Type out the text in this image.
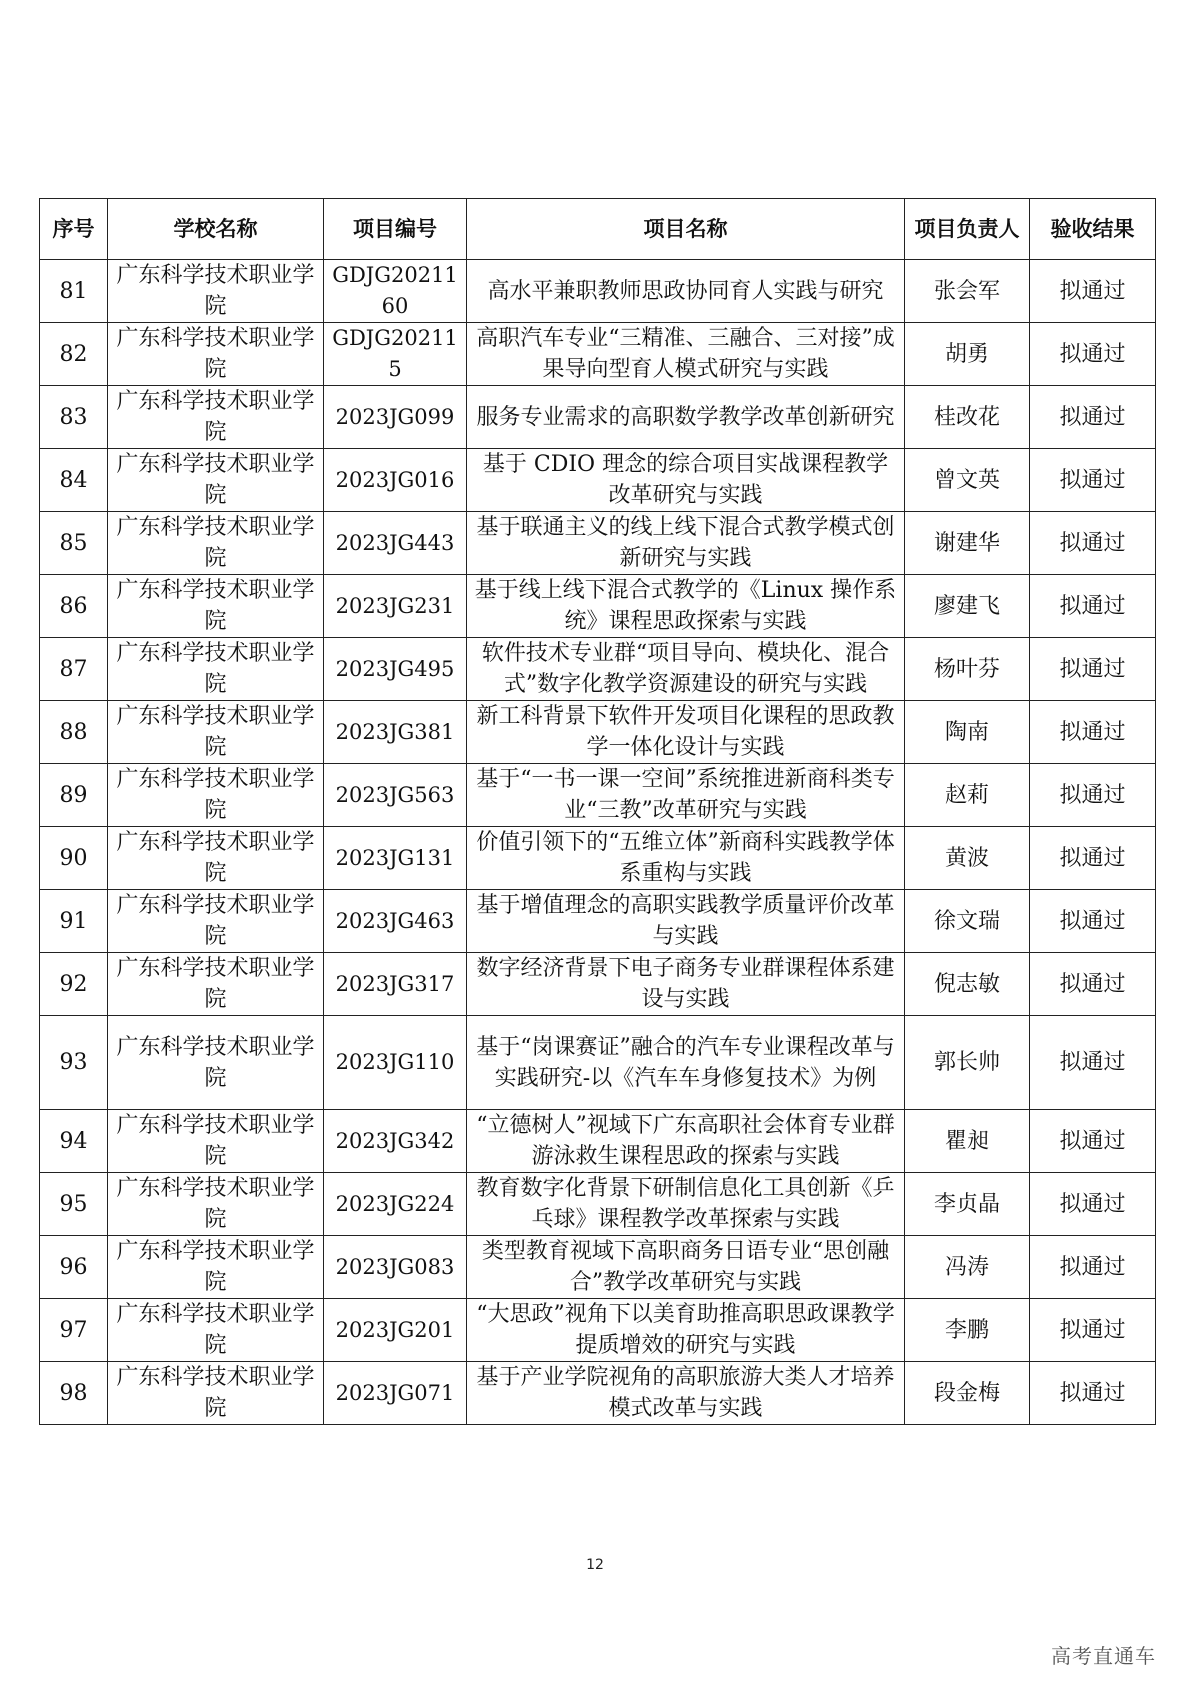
序号	学校名称	项目编号	项目名称	项目负责人	验收结果
81	广东科学技术职业学院	GDJG2021160	高水平兼职教师思政协同育人实践与研究	张会军	拟通过
82	广东科学技术职业学院	GDJG202115	高职汽车专业“三精准、三融合、三对接”成果导向型育人模式研究与实践	胡勇	拟通过
83	广东科学技术职业学院	2023JG099	服务专业需求的高职数学教学改革创新研究	桂改花	拟通过
84	广东科学技术职业学院	2023JG016	基于 CDIO 理念的综合项目实战课程教学改革研究与实践	曾文英	拟通过
85	广东科学技术职业学院	2023JG443	基于联通主义的线上线下混合式教学模式创新研究与实践	谢建华	拟通过
86	广东科学技术职业学院	2023JG231	基于线上线下混合式教学的《Linux 操作系统》课程思政探索与实践	廖建飞	拟通过
87	广东科学技术职业学院	2023JG495	软件技术专业群“项目导向、模块化、混合式”数字化教学资源建设的研究与实践	杨叶芬	拟通过
88	广东科学技术职业学院	2023JG381	新工科背景下软件开发项目化课程的思政教学一体化设计与实践	陶南	拟通过
89	广东科学技术职业学院	2023JG563	基于“一书一课一空间”系统推进新商科类专业“三教”改革研究与实践	赵莉	拟通过
90	广东科学技术职业学院	2023JG131	价值引领下的“五维立体”新商科实践教学体系重构与实践	黄波	拟通过
91	广东科学技术职业学院	2023JG463	基于增值理念的高职实践教学质量评价改革与实践	徐文瑞	拟通过
92	广东科学技术职业学院	2023JG317	数字经济背景下电子商务专业群课程体系建设与实践	倪志敏	拟通过
93	广东科学技术职业学院	2023JG110	基于“岗课赛证”融合的汽车专业课程改革与实践研究-以《汽车车身修复技术》为例	郭长帅	拟通过
94	广东科学技术职业学院	2023JG342	“立德树人”视域下广东高职社会体育专业群游泳救生课程思政的探索与实践	瞿昶	拟通过
95	广东科学技术职业学院	2023JG224	教育数字化背景下研制信息化工具创新《乒乓球》课程教学改革探索与实践	李贞晶	拟通过
96	广东科学技术职业学院	2023JG083	类型教育视域下高职商务日语专业“思创融合”教学改革研究与实践	冯涛	拟通过
97	广东科学技术职业学院	2023JG201	“大思政”视角下以美育助推高职思政课教学提质增效的研究与实践	李鹏	拟通过
98	广东科学技术职业学院	2023JG071	基于产业学院视角的高职旅游大类人才培养模式改革与实践	段金梅	拟通过
12
高考直通车
